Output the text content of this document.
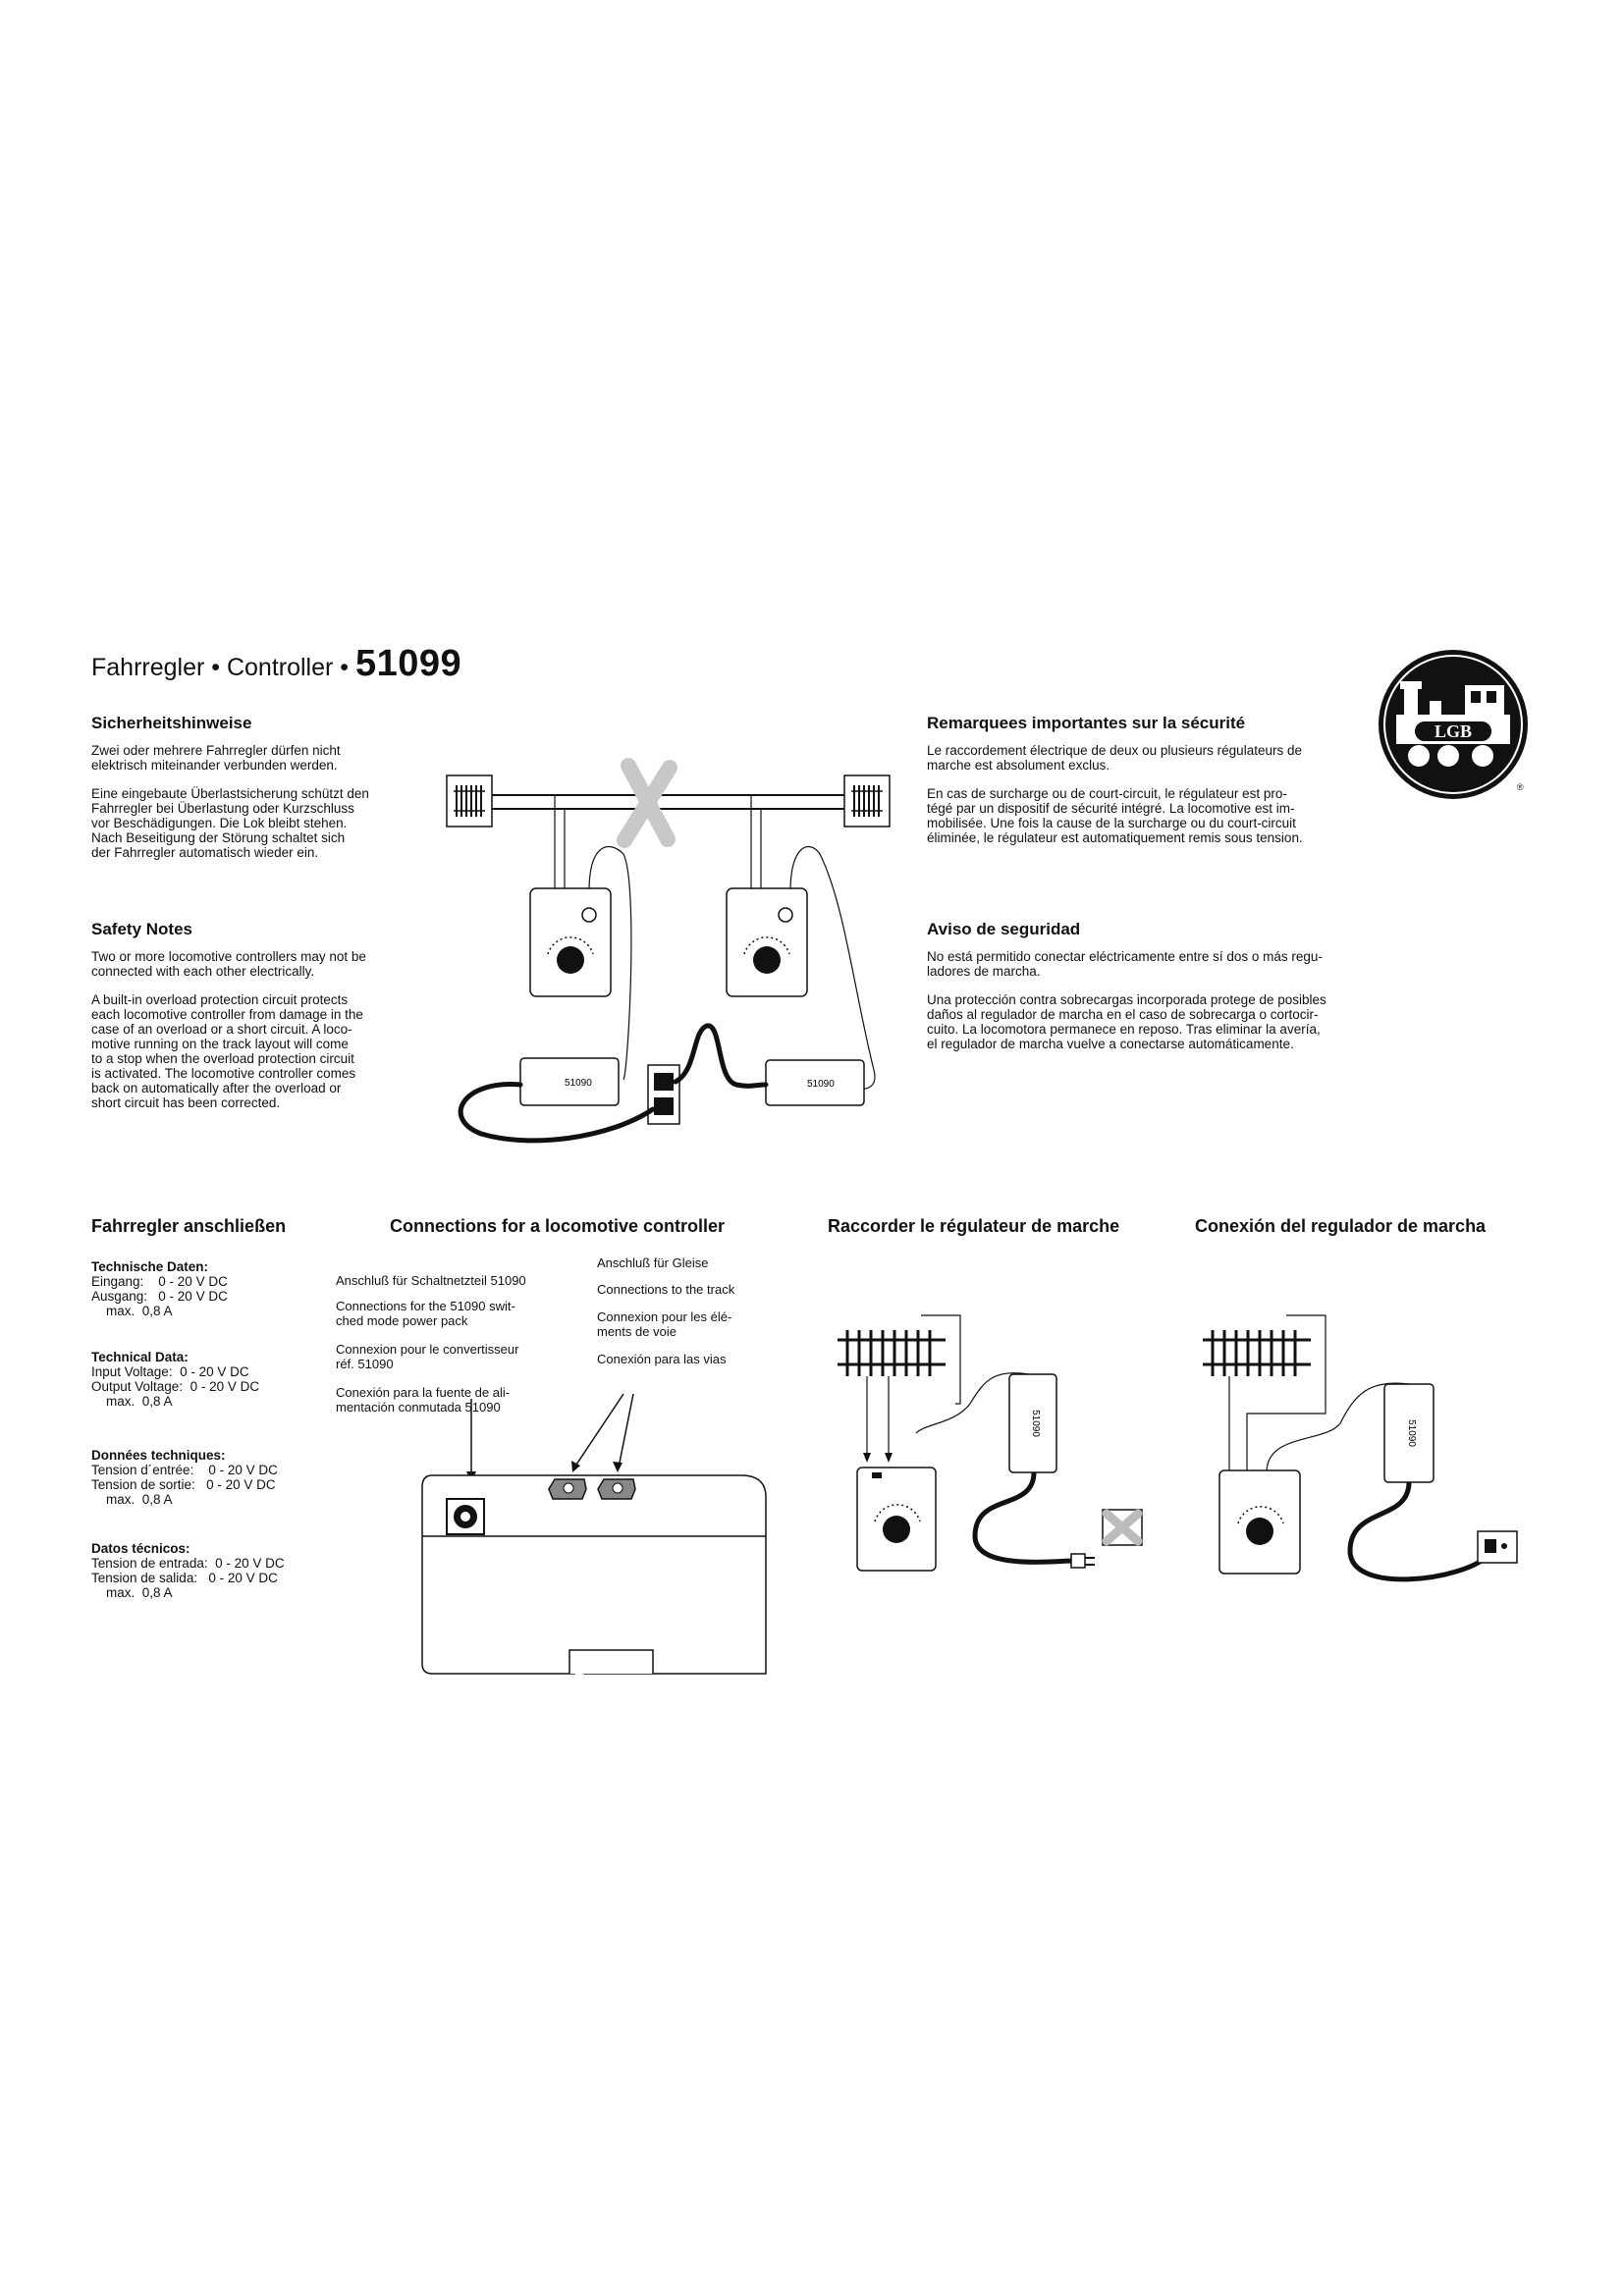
Fahrregler • Controller • 51099
LGB
®
Sicherheitshinweise

Zwei oder mehrere Fahrregler dürfen nicht
elektrisch miteinander verbunden werden.

Eine eingebaute Überlastsicherung schützt den
Fahrregler bei Überlastung oder Kurzschluss
vor Beschädigungen. Die Lok bleibt stehen.
Nach Beseitigung der Störung schaltet sich
der Fahrregler automatisch wieder ein.

Safety Notes

Two or more locomotive controllers may not be
connected with each other electrically.

A built-in overload protection circuit protects
each locomotive controller from damage in the
case of an overload or a short circuit. A loco-
motive running on the track layout will come
to a stop when the overload protection circuit
is activated. The locomotive controller comes
back on automatically after the overload or
short circuit has been corrected.

Remarquees importantes sur la sécurité

Le raccordement électrique de deux ou plusieurs régulateurs de
marche est absolument exclus.

En cas de surcharge ou de court-circuit, le régulateur est pro-
tégé par un dispositif de sécurité intégré. La locomotive est im-
mobilisée. Une fois la cause de la surcharge ou du court-circuit
éliminée, le régulateur est automatiquement remis sous tension.

Aviso de seguridad

No está permitido conectar eléctricamente entre sí dos o más regu-
ladores de marcha.

Una protección contra sobrecargas incorporada protege de posibles
daños al regulador de marcha en el caso de sobrecarga o cortocir-
cuito. La locomotora permanece en reposo. Tras eliminar la avería,
el regulador de marcha vuelve a conectarse automáticamente.

51090	51090
Fahrregler anschließen	Connections for a locomotive controller	Raccorder le régulateur de marche	Conexión del regulador de marcha
Technische Daten:
Eingang:    0 - 20 V DC
Ausgang:   0 - 20 V DC
max.  0,8 A
Technical Data:
Input Voltage:  0 - 20 V DC
Output Voltage:  0 - 20 V DC
max.  0,8 A
Données techniques:
Tension d´entrée:    0 - 20 V DC
Tension de sortie:   0 - 20 V DC
max.  0,8 A
Datos técnicos:
Tension de entrada:  0 - 20 V DC
Tension de salida:   0 - 20 V DC
max.  0,8 A
Anschluß für Schaltnetzteil 51090
Connections for the 51090 swit-
ched mode power pack
Connexion pour le convertisseur
réf. 51090
Conexión para la fuente de ali-
mentación conmutada 51090
Anschluß für Gleise
Connections to the track
Connexion pour les élé-
ments de voie
Conexión para las vias
51090	51090
